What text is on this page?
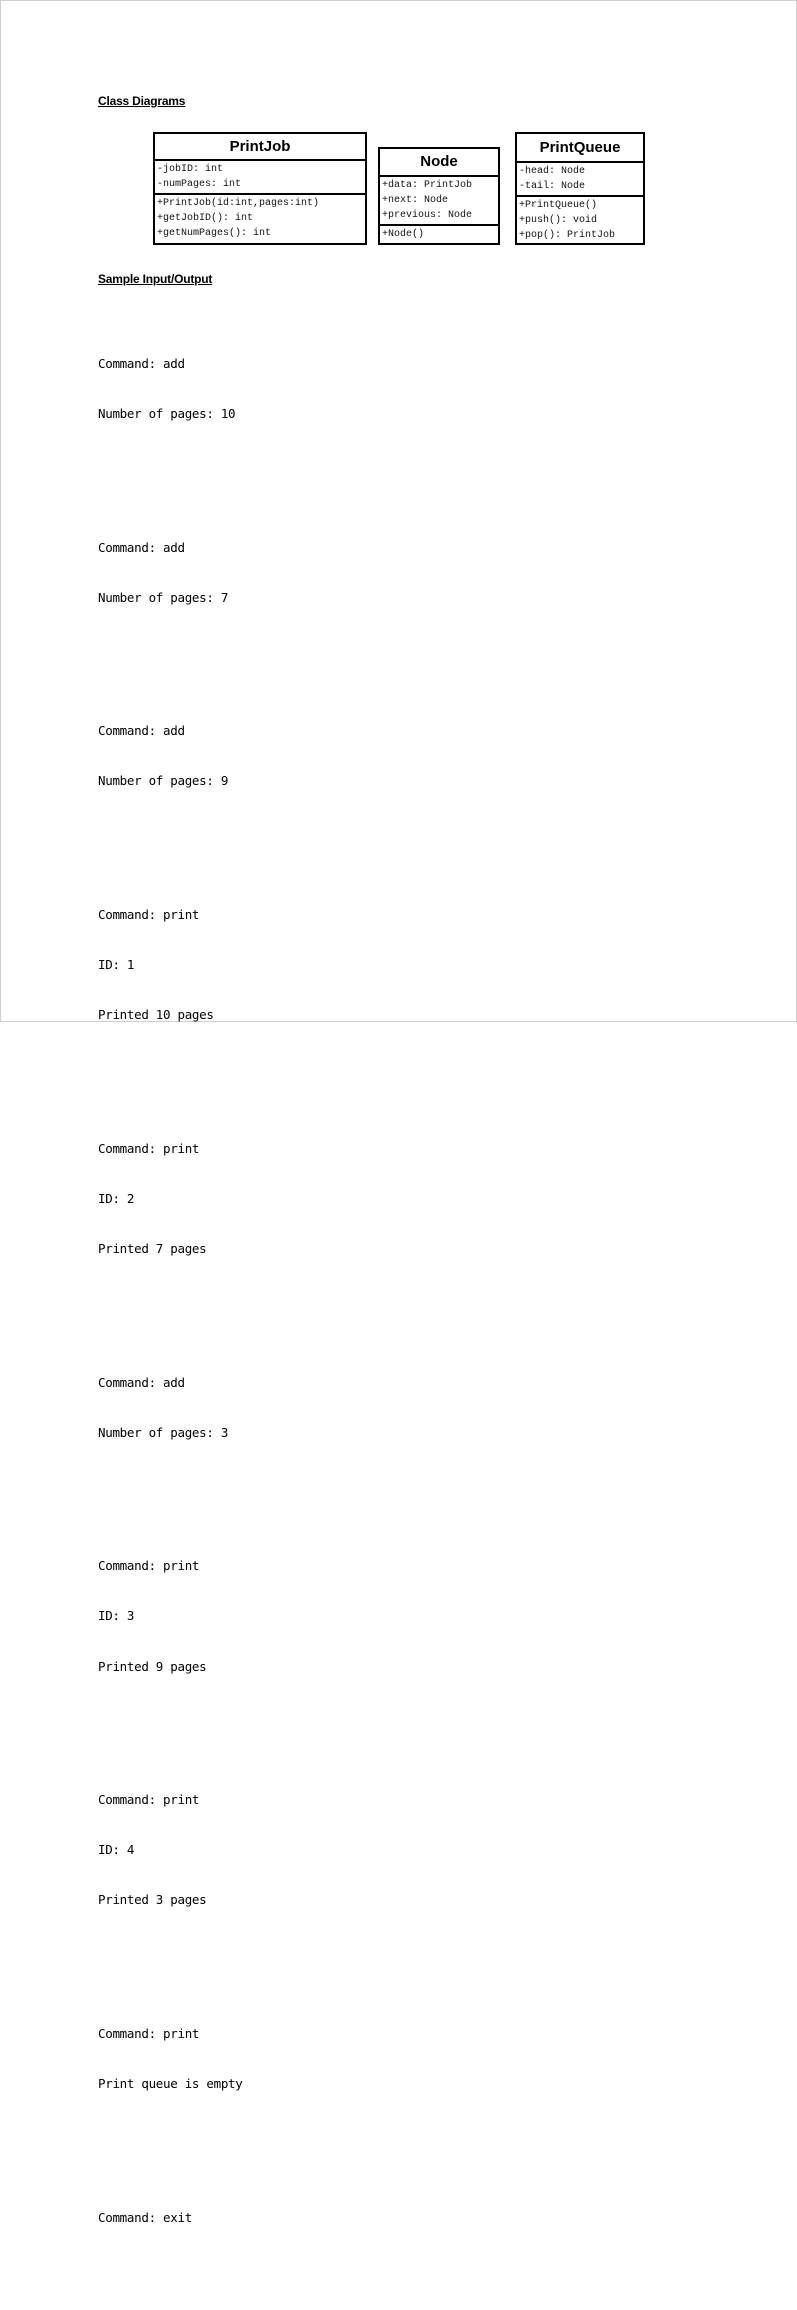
Class Diagrams
PrintJob
-jobID: int
-numPages: int
+PrintJob(id:int,pages:int)
+getJobID(): int
+getNumPages(): int
Node
+data: PrintJob
+next: Node
+previous: Node
+Node()
PrintQueue
-head: Node
-tail: Node
+PrintQueue()
+push(): void
+pop(): PrintJob
Sample Input/Output

Command: add

Number of pages: 10

Command: add

Number of pages: 7

Command: add

Number of pages: 9

Command: print

ID: 1

Printed 10 pages

Command: print

ID: 2

Printed 7 pages

Command: add

Number of pages: 3

Command: print

ID: 3

Printed 9 pages

Command: print

ID: 4

Printed 3 pages

Command: print

Print queue is empty

Command: exit
